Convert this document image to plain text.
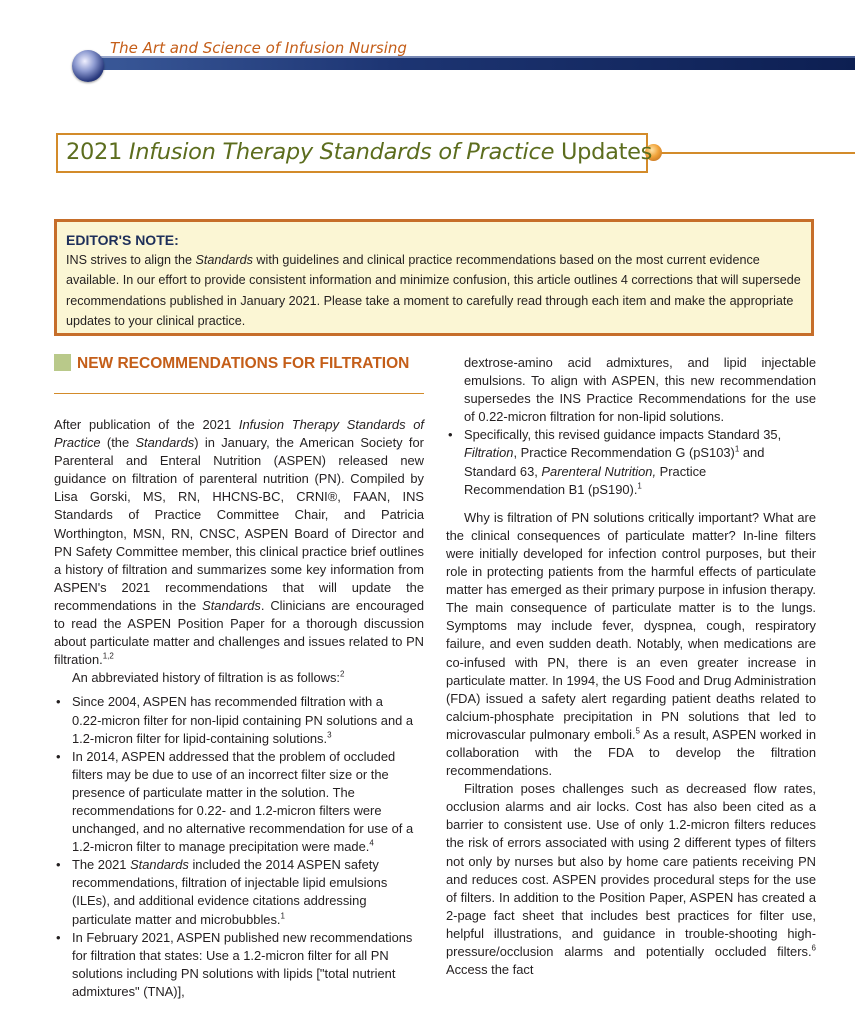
The Art and Science of Infusion Nursing
2021 Infusion Therapy Standards of Practice Updates
EDITOR'S NOTE:
INS strives to align the Standards with guidelines and clinical practice recommendations based on the most current evidence available. In our effort to provide consistent information and minimize confusion, this article outlines 4 corrections that will supersede recommendations published in January 2021. Please take a moment to carefully read through each item and make the appropriate updates to your clinical practice.
NEW RECOMMENDATIONS FOR FILTRATION

After publication of the 2021 Infusion Therapy Standards of Practice (the Standards) in January, the American Society for Parenteral and Enteral Nutrition (ASPEN) released new guidance on filtration of parenteral nutrition (PN). Compiled by Lisa Gorski, MS, RN, HHCNS-BC, CRNI®, FAAN, INS Standards of Practice Committee Chair, and Patricia Worthington, MSN, RN, CNSC, ASPEN Board of Director and PN Safety Committee member, this clinical practice brief outlines a history of filtration and summarizes some key information from ASPEN's 2021 recommendations that will update the recommendations in the Standards. Clinicians are encouraged to read the ASPEN Position Paper for a thorough discussion about particulate matter and challenges and issues related to PN filtration.$^{1,2}$

An abbreviated history of filtration is as follows:$^2$

• Since 2004, ASPEN has recommended filtration with a 0.22-micron filter for non-lipid containing PN solutions and a 1.2-micron filter for lipid-containing solutions.$^3$
• In 2014, ASPEN addressed that the problem of occluded filters may be due to use of an incorrect filter size or the presence of particulate matter in the solution. The recommendations for 0.22- and 1.2-micron filters were unchanged, and no alternative recommendation for use of a 1.2-micron filter to manage precipitation were made.$^4$
• The 2021 Standards included the 2014 ASPEN safety recommendations, filtration of injectable lipid emulsions (ILEs), and additional evidence citations addressing particulate matter and microbubbles.$^1$
• In February 2021, ASPEN published new recommendations for filtration that states: Use a 1.2-micron filter for all PN solutions including PN solutions with lipids ["total nutrient admixtures" (TNA)],

dextrose-amino acid admixtures, and lipid injectable emulsions. To align with ASPEN, this new recommendation supersedes the INS Practice Recommendations for the use of 0.22-micron filtration for non-lipid solutions.

• Specifically, this revised guidance impacts Standard 35, Filtration, Practice Recommendation G $(pS103)^1$ and Standard 63, Parenteral Nutrition, Practice Recommendation B1 (pS190).$^1$

Why is filtration of PN solutions critically important? What are the clinical consequences of particulate matter? In-line filters were initially developed for infection control purposes, but their role in protecting patients from the harmful effects of particulate matter has emerged as their primary purpose in infusion therapy. The main consequence of particulate matter is to the lungs. Symptoms may include fever, dyspnea, cough, respiratory failure, and even sudden death. Notably, when medications are co-infused with PN, there is an even greater increase in particulate matter. In 1994, the US Food and Drug Administration (FDA) issued a safety alert regarding patient deaths related to calcium-phosphate precipitation in PN solutions that led to microvascular pulmonary emboli.$^5$ As a result, ASPEN worked in collaboration with the FDA to develop the filtration recommendations.

Filtration poses challenges such as decreased flow rates, occlusion alarms and air locks. Cost has also been cited as a barrier to consistent use. Use of only 1.2-micron filters reduces the risk of errors associated with using 2 different types of filters not only by nurses but also by home care patients receiving PN and reduces cost. ASPEN provides procedural steps for the use of filters. In addition to the Position Paper, ASPEN has created a 2-page fact sheet that includes best practices for filter use, helpful illustrations, and guidance in trouble-shooting high-pressure/occlusion alarms and potentially occluded filters.$^6$ Access the fact
